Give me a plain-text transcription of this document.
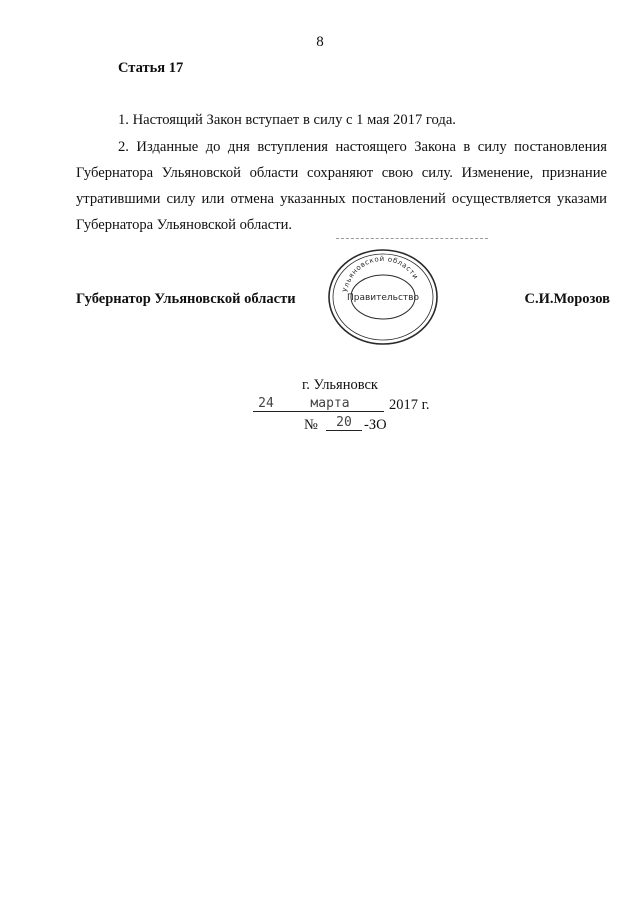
8
Статья 17

1. Настоящий Закон вступает в силу с 1 мая 2017 года.

2. Изданные до дня вступления настоящего Закона в силу постановления Губернатора Ульяновской области сохраняют свою силу. Изменение, признание утратившими силу или отмена указанных постановлений осуществляется указами Губернатора Ульяновской области.

Губернатор Ульяновской области	С.И.Морозов
Ульяновской области
Правительство
г. Ульяновск
24	марта	2017 г.
№	20 -ЗО
